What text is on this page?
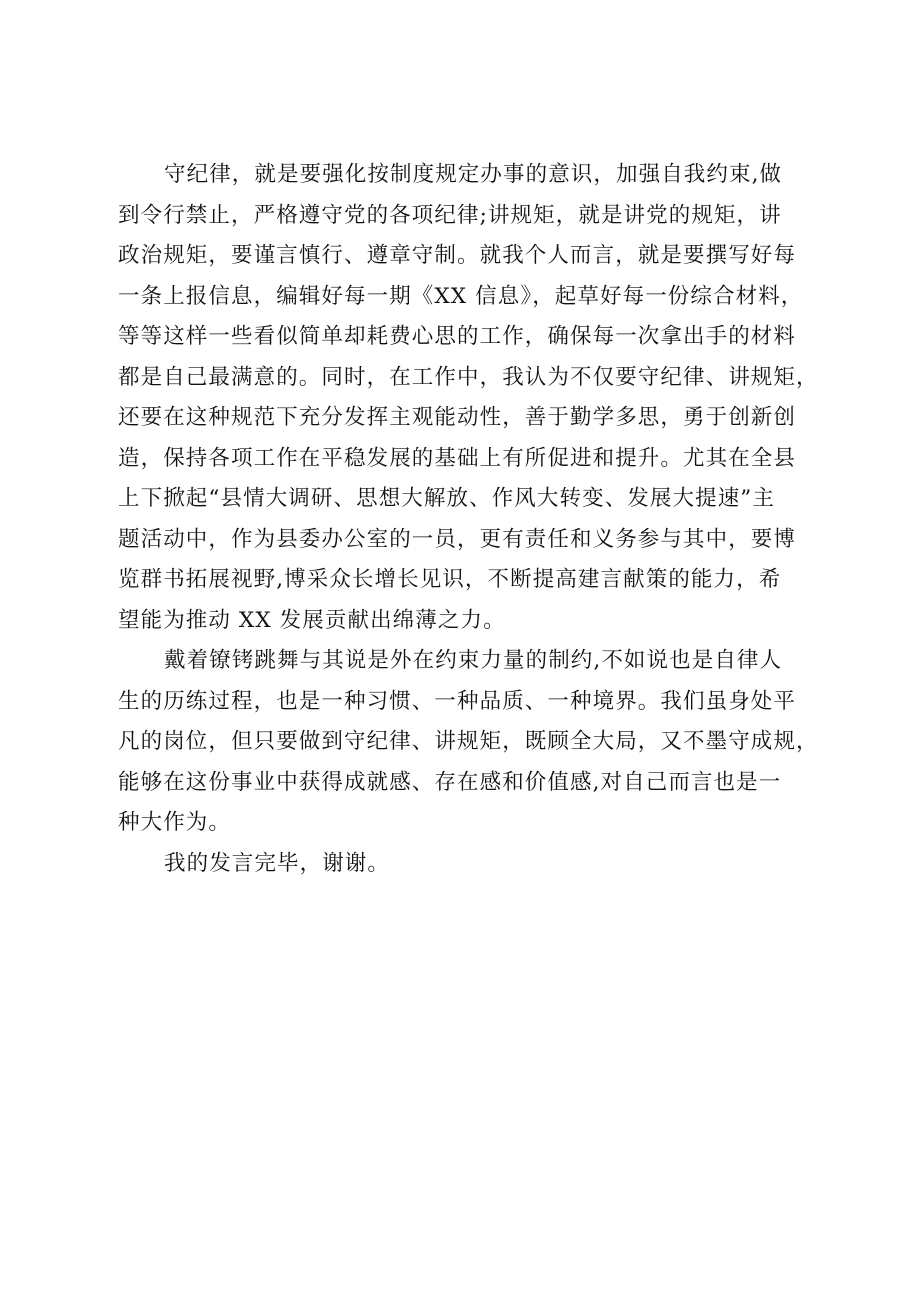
守纪律，就是要强化按制度规定办事的意识，加强自我约束,做
到令行禁止，严格遵守党的各项纪律;讲规矩，就是讲党的规矩，讲
政治规矩，要谨言慎行、遵章守制。就我个人而言，就是要撰写好每
一条上报信息，编辑好每一期《XX 信息》，起草好每一份综合材料，
等等这样一些看似简单却耗费心思的工作，确保每一次拿出手的材料
都是自己最满意的。同时，在工作中，我认为不仅要守纪律、讲规矩，
还要在这种规范下充分发挥主观能动性，善于勤学多思，勇于创新创
造，保持各项工作在平稳发展的基础上有所促进和提升。尤其在全县
上下掀起“县情大调研、思想大解放、作风大转变、发展大提速”主
题活动中，作为县委办公室的一员，更有责任和义务参与其中，要博
览群书拓展视野,博采众长增长见识，不断提高建言献策的能力，希
望能为推动 XX 发展贡献出绵薄之力。

戴着镣铐跳舞与其说是外在约束力量的制约,不如说也是自律人
生的历练过程，也是一种习惯、一种品质、一种境界。我们虽身处平
凡的岗位，但只要做到守纪律、讲规矩，既顾全大局，又不墨守成规，
能够在这份事业中获得成就感、存在感和价值感,对自己而言也是一
种大作为。

我的发言完毕，谢谢。
